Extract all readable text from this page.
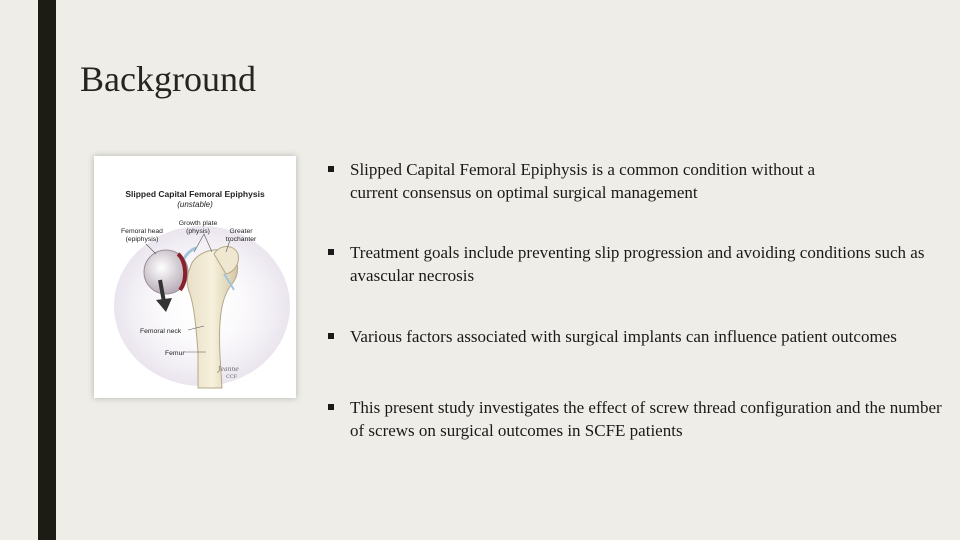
Background
Slipped Capital Femoral Epiphysis
(unstable)
Femoral head
(epiphysis)
Growth plate
(physis)	Greater
trochanter
Femoral neck
Femur
Jeanne
CCF
Slipped Capital Femoral Epiphysis is a common condition without a
current consensus on optimal surgical management
Treatment goals include preventing slip progression and avoiding conditions such as
avascular necrosis
Various factors associated with surgical implants can influence patient outcomes
This present study investigates the effect of screw thread configuration and the number
of screws on surgical outcomes in SCFE patients
